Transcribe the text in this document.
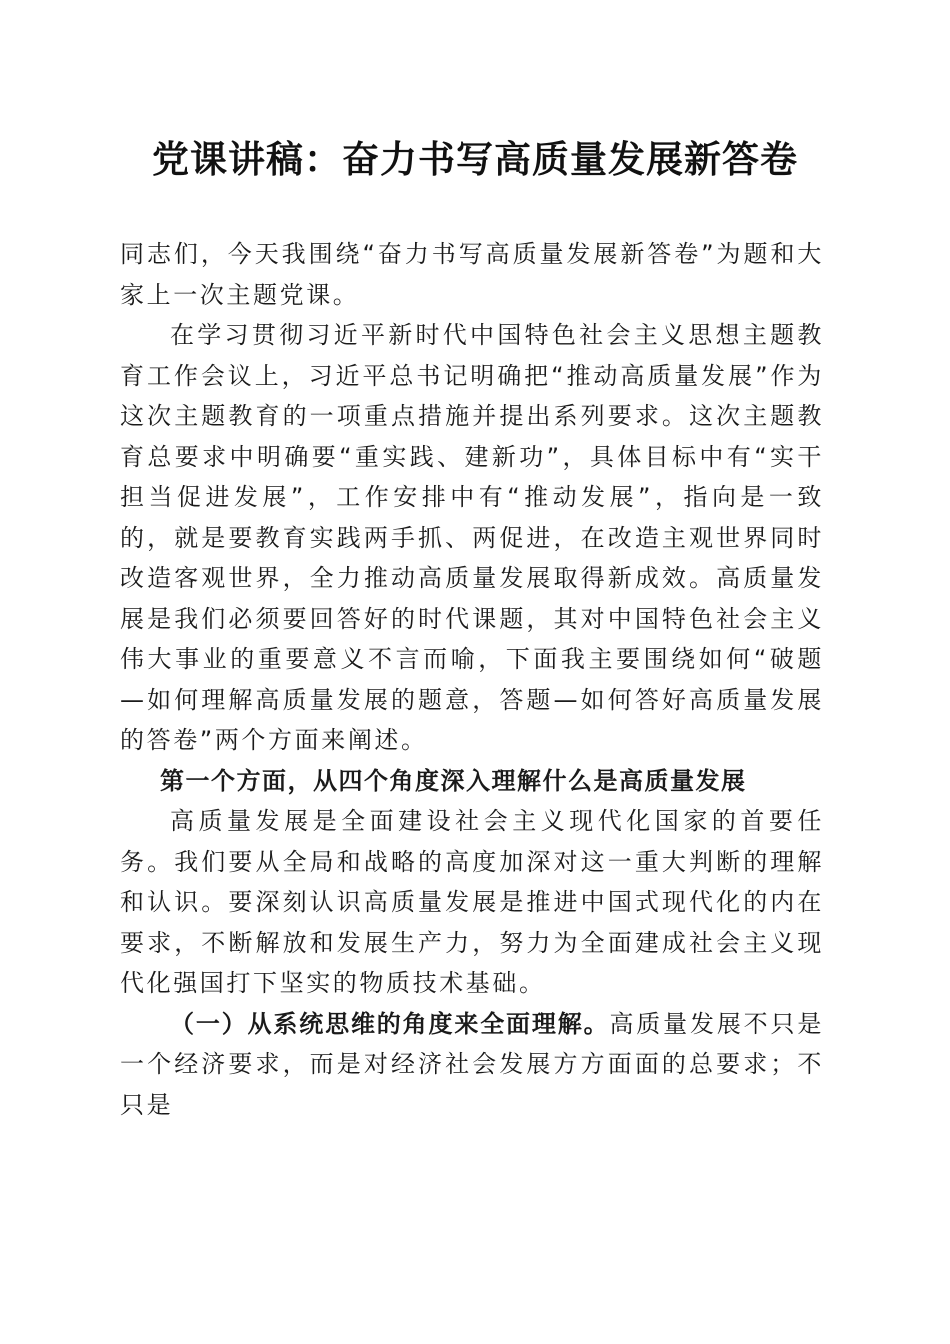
党课讲稿：奋力书写高质量发展新答卷

同志们，今天我围绕“奋力书写高质量发展新答卷”为题和大家上一次主题党课。

在学习贯彻习近平新时代中国特色社会主义思想主题教育工作会议上，习近平总书记明确把“推动高质量发展”作为这次主题教育的一项重点措施并提出系列要求。这次主题教育总要求中明确要“重实践、建新功”，具体目标中有“实干担当促进发展”，工作安排中有“推动发展”，指向是一致的，就是要教育实践两手抓、两促进，在改造主观世界同时改造客观世界，全力推动高质量发展取得新成效。高质量发展是我们必须要回答好的时代课题，其对中国特色社会主义伟大事业的重要意义不言而喻，下面我主要围绕如何“破题—如何理解高质量发展的题意，答题—如何答好高质量发展的答卷”两个方面来阐述。

第一个方面，从四个角度深入理解什么是高质量发展

高质量发展是全面建设社会主义现代化国家的首要任务。我们要从全局和战略的高度加深对这一重大判断的理解和认识。要深刻认识高质量发展是推进中国式现代化的内在要求，不断解放和发展生产力，努力为全面建成社会主义现代化强国打下坚实的物质技术基础。

（一）从系统思维的角度来全面理解。高质量发展不只是一个经济要求，而是对经济社会发展方方面面的总要求；不只是
